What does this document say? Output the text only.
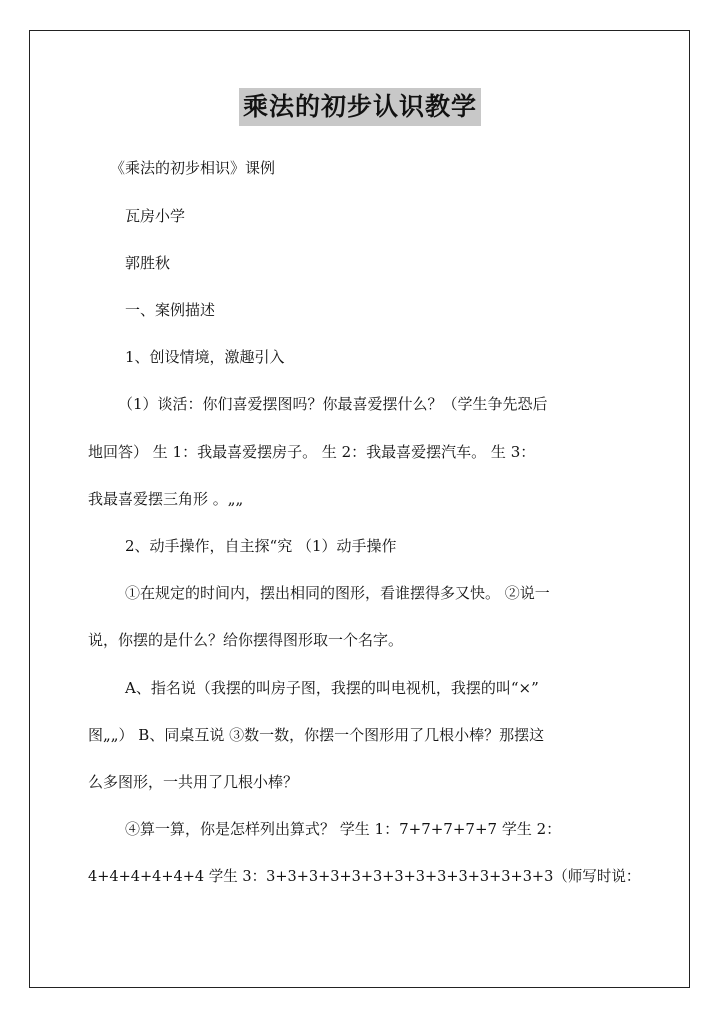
乘法的初步认识教学
《乘法的初步相识》课例
瓦房小学
郭胜秋
一、案例描述
1、创设情境，激趣引入
（1）谈活：你们喜爱摆图吗？你最喜爱摆什么？（学生争先恐后
地回答） 生 1：我最喜爱摆房子。 生 2：我最喜爱摆汽车。 生 3：
我最喜爱摆三角形 。„„
2、动手操作，自主探“究 （1）动手操作
①在规定的时间内，摆出相同的图形，看谁摆得多又快。 ②说一
说，你摆的是什么？给你摆得图形取一个名字。
A、指名说（我摆的叫房子图，我摆的叫电视机，我摆的叫“×”
图„„） B、同桌互说 ③数一数，你摆一个图形用了几根小棒？那摆这
么多图形，一共用了几根小棒？
④算一算，你是怎样列出算式？ 学生 1：7+7+7+7+7 学生 2：
4+4+4+4+4+4 学生 3：3+3+3+3+3+3+3+3+3+3+3+3+3+3（师写时说：
